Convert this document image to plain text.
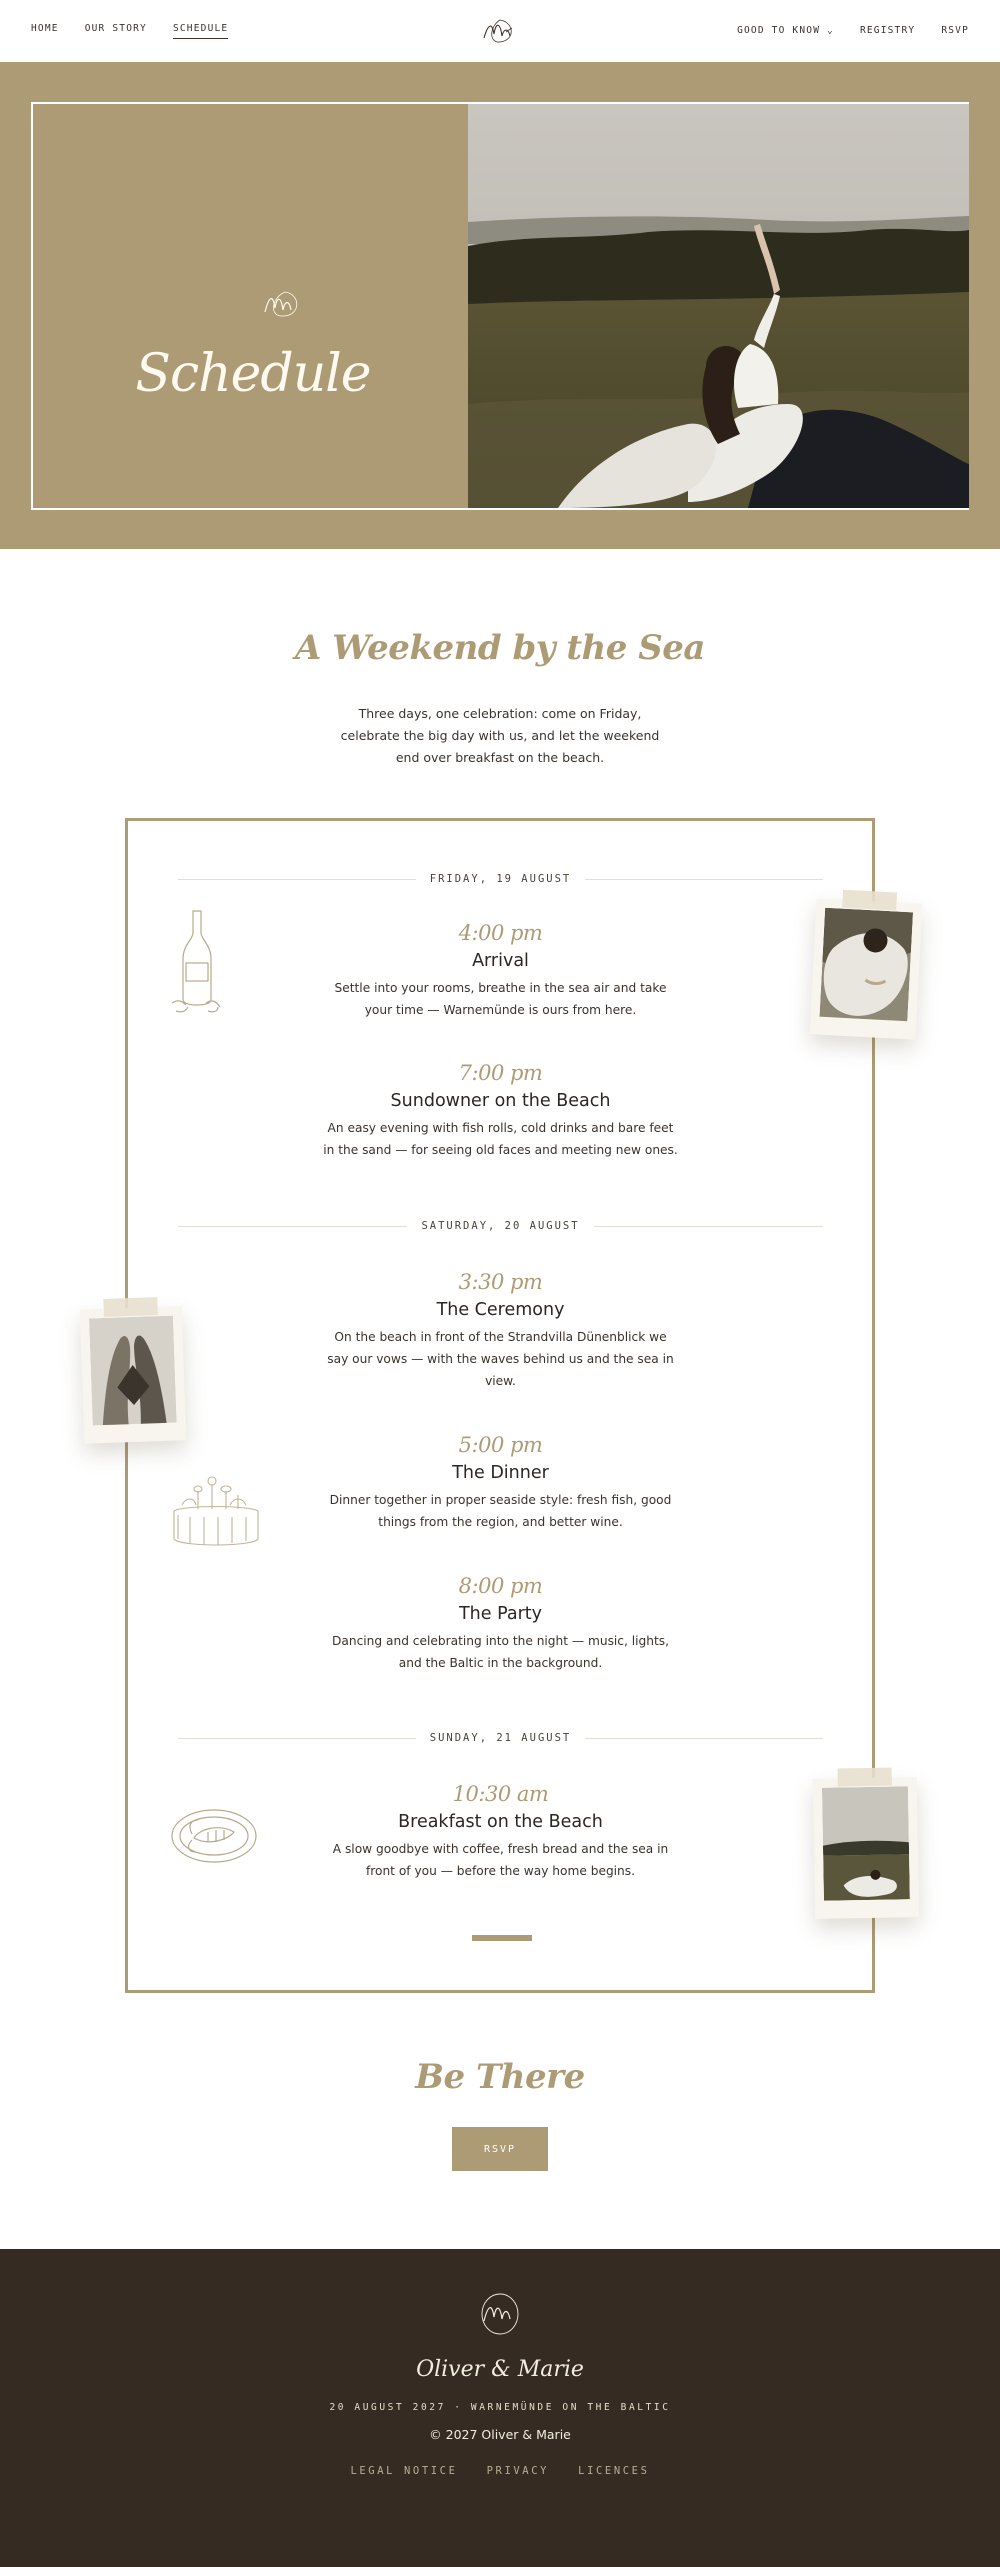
HOME	OUR STORY	SCHEDULE	GOOD TO KNOW ⌄	REGISTRY	RSVP
Schedule
A Weekend by the Sea

Three days, one celebration: come on Friday, celebrate the big day with us, and let the weekend end over breakfast on the beach.

FRIDAY, 19 AUGUST
4:00 pm
Arrival
Settle into your rooms, breathe in the sea air and take your time — Warnemünde is ours from here.
7:00 pm
Sundowner on the Beach
An easy evening with fish rolls, cold drinks and bare feet in the sand — for seeing old faces and meeting new ones.
SATURDAY, 20 AUGUST
3:30 pm
The Ceremony
On the beach in front of the Strandvilla Dünenblick we say our vows — with the waves behind us and the sea in view.
5:00 pm
The Dinner
Dinner together in proper seaside style: fresh fish, good things from the region, and better wine.
8:00 pm
The Party
Dancing and celebrating into the night — music, lights, and the Baltic in the background.
SUNDAY, 21 AUGUST
10:30 am
Breakfast on the Beach
A slow goodbye with coffee, fresh bread and the sea in front of you — before the way home begins.
Be There
RSVP
Oliver & Marie
20 AUGUST 2027 · WARNEMÜNDE ON THE BALTIC
© 2027 Oliver & Marie
LEGAL NOTICE	PRIVACY	LICENCES
